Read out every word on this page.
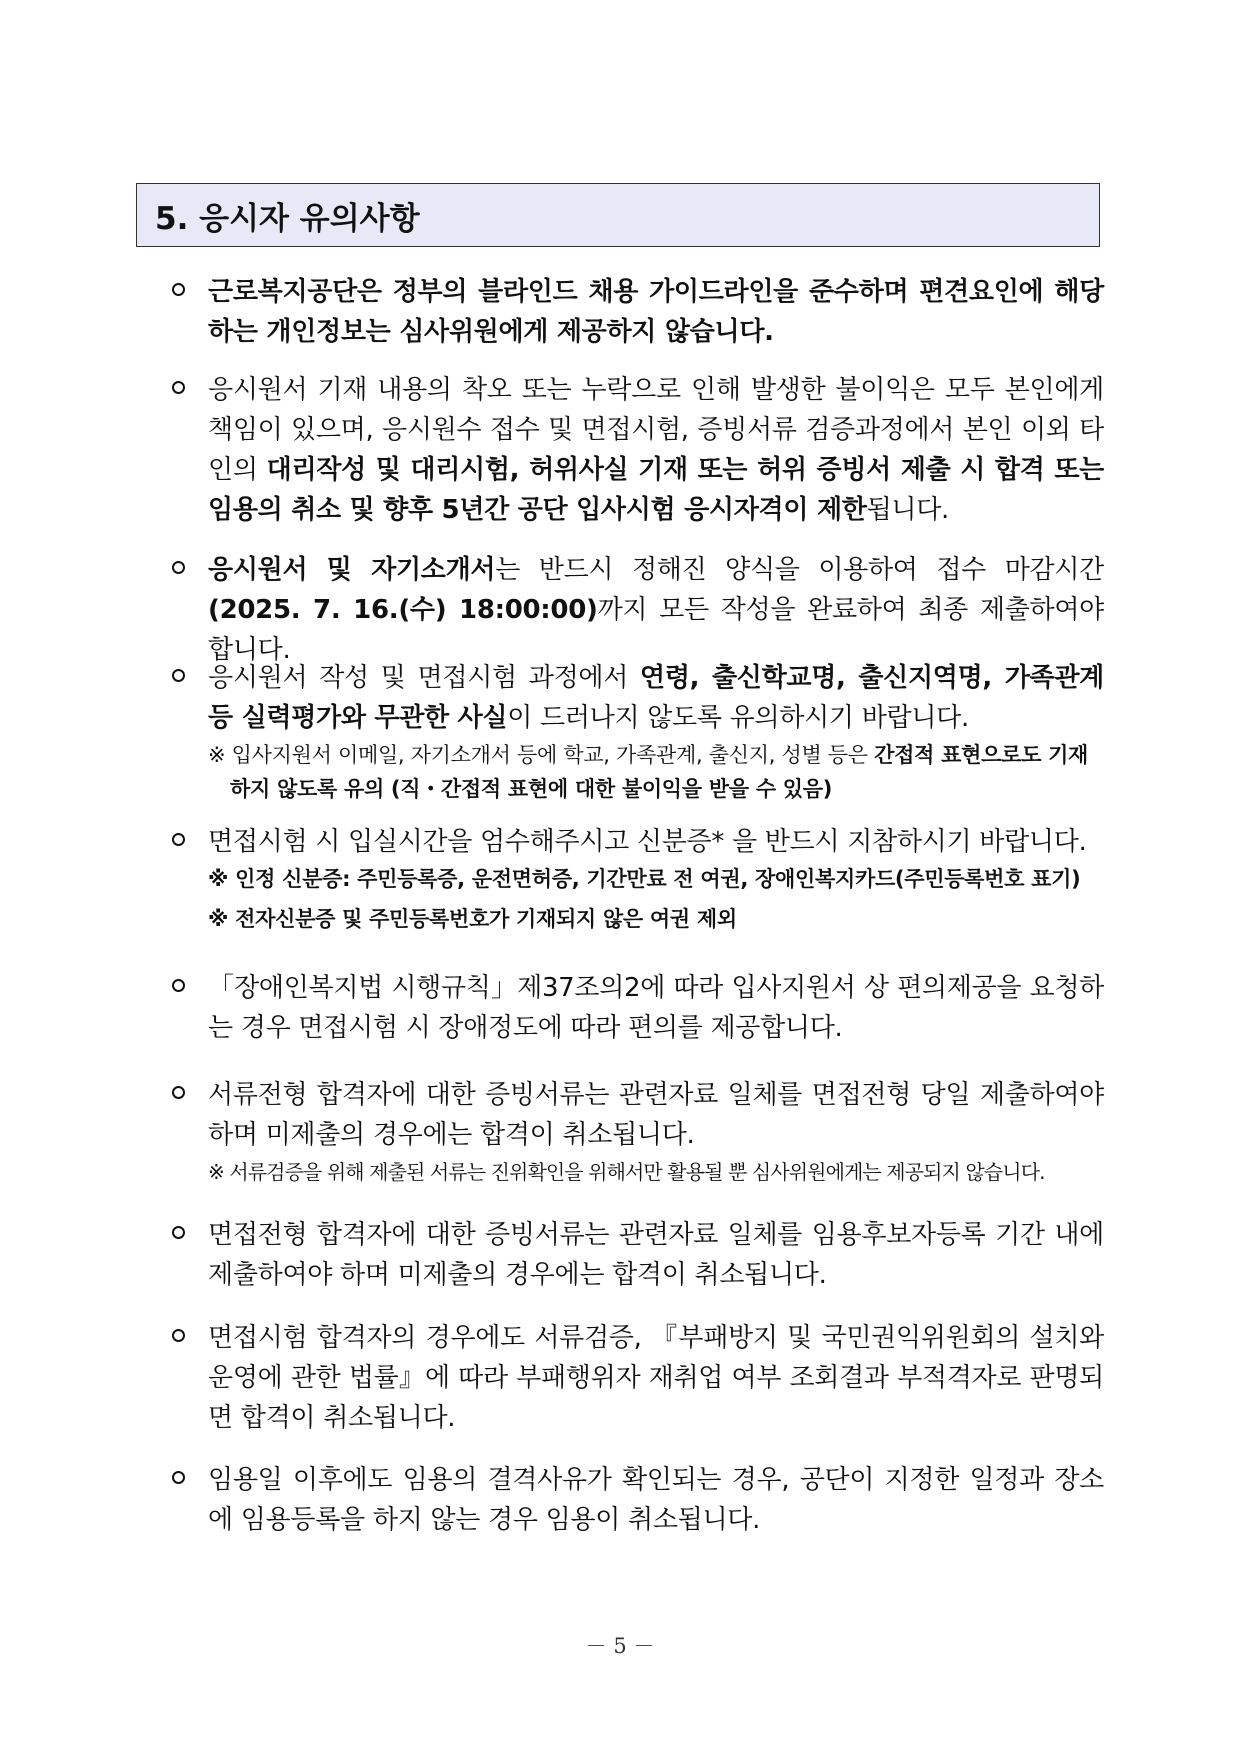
5. 응시자 유의사항
근로복지공단은 정부의 블라인드 채용 가이드라인을 준수하며 편견요인에 해당하는 개인정보는 심사위원에게 제공하지 않습니다.
응시원서 기재 내용의 착오 또는 누락으로 인해 발생한 불이익은 모두 본인에게 책임이 있으며, 응시원수 접수 및 면접시험, 증빙서류 검증과정에서 본인 이외 타인의 대리작성 및 대리시험, 허위사실 기재 또는 허위 증빙서 제출 시 합격 또는 임용의 취소 및 향후 5년간 공단 입사시험 응시자격이 제한됩니다.
응시원서 및 자기소개서는 반드시 정해진 양식을 이용하여 접수 마감시간(2025. 7. 16.(수) 18:00:00)까지 모든 작성을 완료하여 최종 제출하여야 합니다.
응시원서 작성 및 면접시험 과정에서 연령, 출신학교명, 출신지역명, 가족관계 등 실력평가와 무관한 사실이 드러나지 않도록 유의하시기 바랍니다.
※ 입사지원서 이메일, 자기소개서 등에 학교, 가족관계, 출신지, 성별 등은 간접적 표현으로도 기재하지 않도록 유의 (직・간접적 표현에 대한 불이익을 받을 수 있음)
면접시험 시 입실시간을 엄수해주시고 신분증* 을 반드시 지참하시기 바랍니다.
※ 인정 신분증: 주민등록증, 운전면허증, 기간만료 전 여권, 장애인복지카드(주민등록번호 표기)
※ 전자신분증 및 주민등록번호가 기재되지 않은 여권 제외
「장애인복지법 시행규칙」제37조의2에 따라 입사지원서 상 편의제공을 요청하는 경우 면접시험 시 장애정도에 따라 편의를 제공합니다.
서류전형 합격자에 대한 증빙서류는 관련자료 일체를 면접전형 당일 제출하여야 하며 미제출의 경우에는 합격이 취소됩니다.
※ 서류검증을 위해 제출된 서류는 진위확인을 위해서만 활용될 뿐 심사위원에게는 제공되지 않습니다.
면접전형 합격자에 대한 증빙서류는 관련자료 일체를 임용후보자등록 기간 내에 제출하여야 하며 미제출의 경우에는 합격이 취소됩니다.
면접시험 합격자의 경우에도 서류검증, 『부패방지 및 국민권익위원회의 설치와 운영에 관한 법률』에 따라 부패행위자 재취업 여부 조회결과 부적격자로 판명되면 합격이 취소됩니다.
임용일 이후에도 임용의 결격사유가 확인되는 경우, 공단이 지정한 일정과 장소에 임용등록을 하지 않는 경우 임용이 취소됩니다.
－ 5 －
